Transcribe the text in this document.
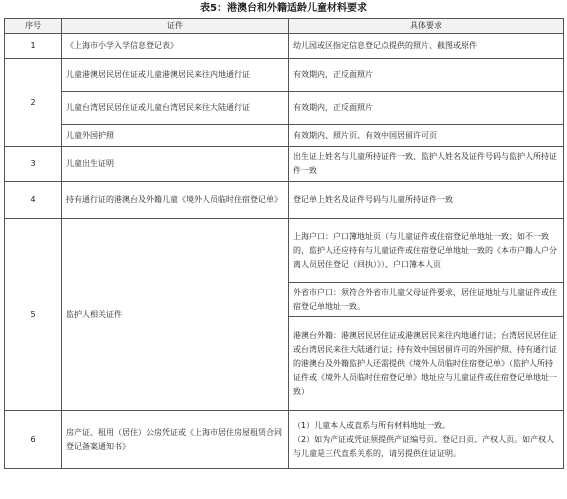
表5：港澳台和外籍适龄儿童材料要求
序号	证件	具体要求
1	《上海市小学入学信息登记表》	幼儿园或区指定信息登记点提供的照片、截图或原件
2	儿童港澳居民居住证或儿童港澳居民来往内地通行证	有效期内，正反面照片
	儿童台湾居民居住证或儿童台湾居民来往大陆通行证	有效期内，正反面照片
	儿童外国护照	有效期内、照片页、有效中国居留许可页
3	儿童出生证明	出生证上姓名与儿童所持证件一致、监护人姓名及证件号码与监护人所持证件一致
4	持有通行证的港澳台及外籍儿童《境外人员临时住宿登记单》	登记单上姓名及证件号码与儿童所持证件一致
5	监护人相关证件	上海户口：户口簿地址页（与儿童证件或住宿登记单地址一致；如不一致的，监护人还应持有与儿童证件或住宿登记单地址一致的《本市户籍人户分离人员居住登记（回执）》）、户口簿本人页
		外省市户口：须符合外省市儿童父母证件要求，居住证地址与儿童证件或住宿登记单地址一致。
		港澳台外籍：港澳居民居住证或港澳居民来往内地通行证；台湾居民居住证或台湾居民来往大陆通行证；持有效中国居留许可的外国护照、持有通行证的港澳台及外籍监护人还需提供《境外人员临时住宿登记单》（监护人所持证件或《境外人员临时住宿登记单》地址应与儿童证件或住宿登记单地址一致）
6	房产证、租用（居住）公房凭证或《上海市居住房屋租赁合同登记备案通知书》	（1）儿童本人或直系与所有材料地址一致。
（2）如为产证或凭证须提供产证编号页、登记日页、产权人页。如产权人与儿童是三代直系关系的，请另提供住证证明。
